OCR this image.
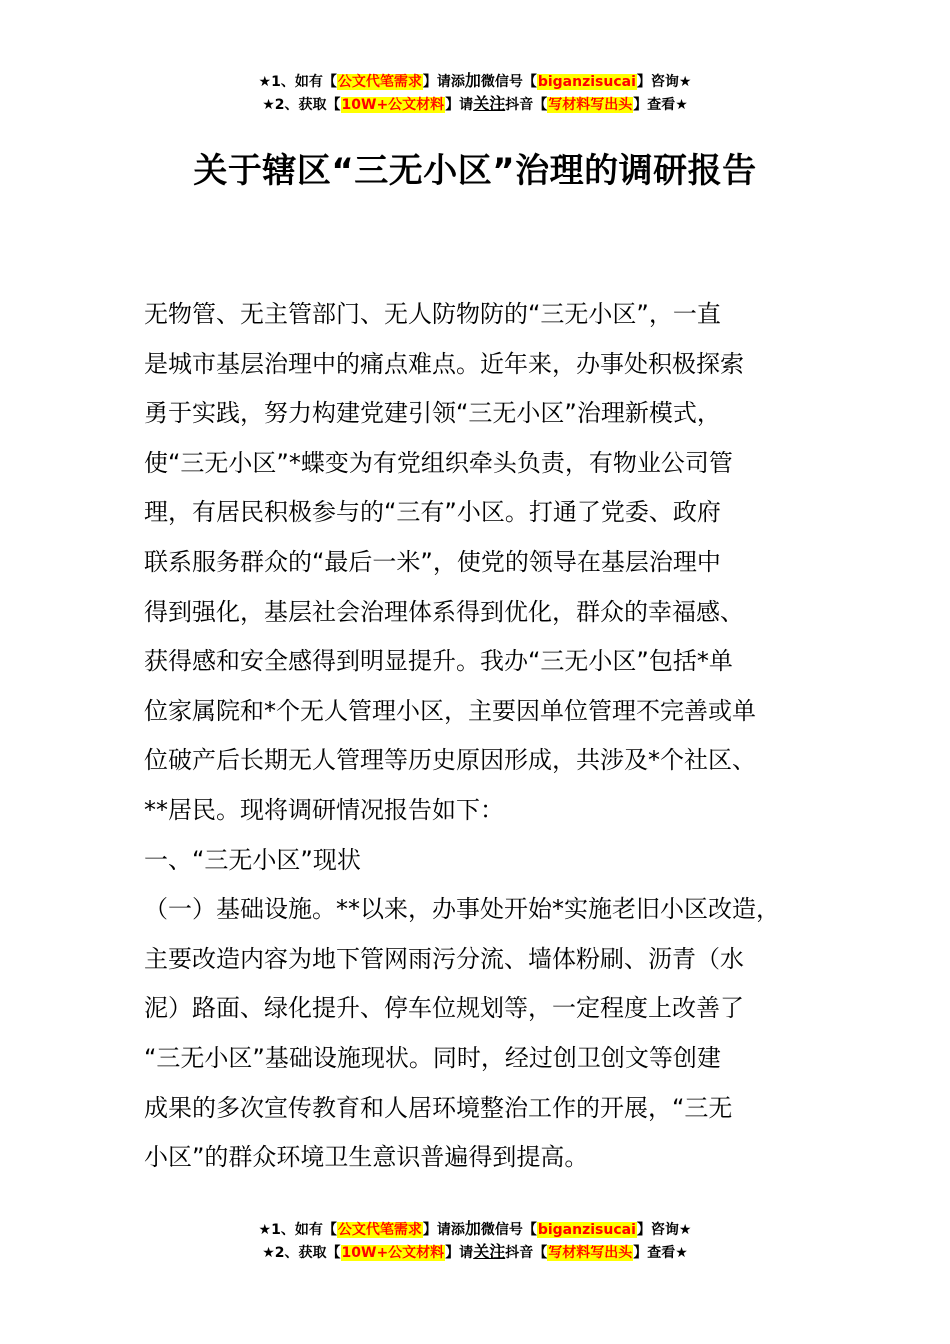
★1、如有【公文代笔需求】请添加微信号【biganzisucai】咨询★
★2、获取【10W+公文材料】请关注抖音【写材料写出头】查看★
关于辖区“三无小区”治理的调研报告

无物管、无主管部门、无人防物防的“三无小区”，一直

是城市基层治理中的痛点难点。近年来，办事处积极探索

勇于实践，努力构建党建引领“三无小区”治理新模式，

使“三无小区”*蝶变为有党组织牵头负责，有物业公司管

理，有居民积极参与的“三有”小区。打通了党委、政府

联系服务群众的“最后一米”，使党的领导在基层治理中

得到强化，基层社会治理体系得到优化，群众的幸福感、

获得感和安全感得到明显提升。我办“三无小区”包括*单

位家属院和*个无人管理小区，主要因单位管理不完善或单

位破产后长期无人管理等历史原因形成，共涉及*个社区、

**居民。现将调研情况报告如下：

一、“三无小区”现状

（一）基础设施。**以来，办事处开始*实施老旧小区改造，

主要改造内容为地下管网雨污分流、墙体粉刷、沥青（水

泥）路面、绿化提升、停车位规划等，一定程度上改善了

“三无小区”基础设施现状。同时，经过创卫创文等创建

成果的多次宣传教育和人居环境整治工作的开展，“三无

小区”的群众环境卫生意识普遍得到提高。

★1、如有【公文代笔需求】请添加微信号【biganzisucai】咨询★
★2、获取【10W+公文材料】请关注抖音【写材料写出头】查看★
